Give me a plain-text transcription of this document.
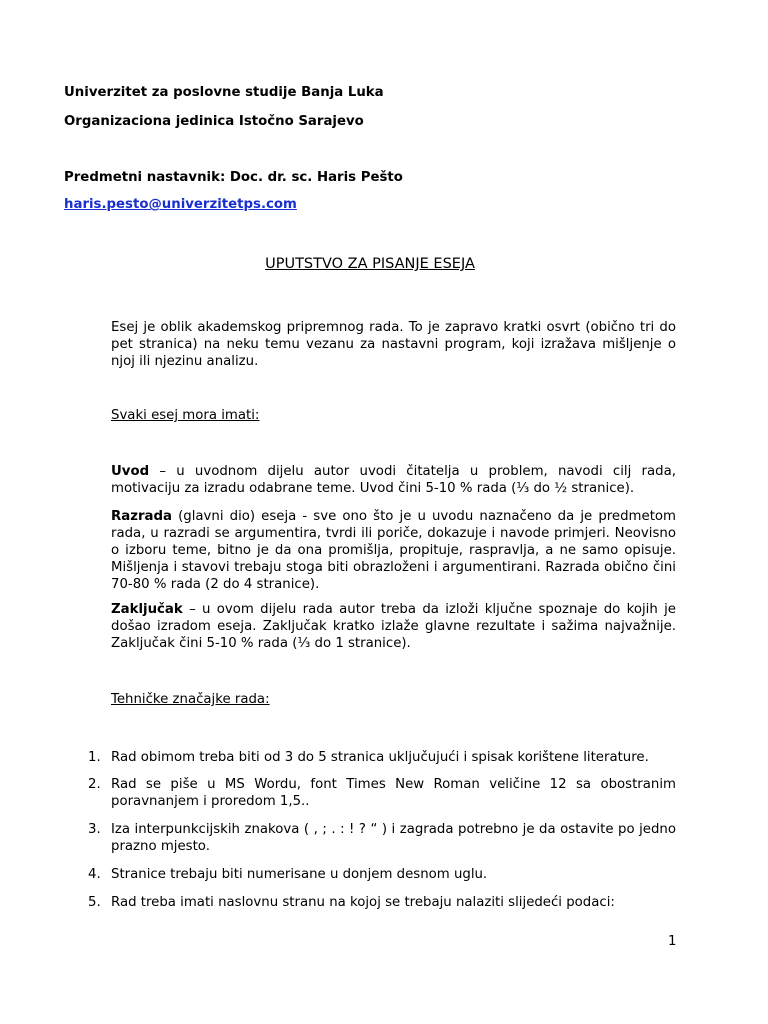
Univerzitet za poslovne studije Banja Luka
Organizaciona jedinica Istočno Sarajevo
Predmetni nastavnik: Doc. dr. sc. Haris Pešto
haris.pesto@univerzitetps.com
UPUTSTVO ZA PISANJE ESEJA
Esej je oblik akademskog pripremnog rada. To je zapravo kratki osvrt (obično tri do pet stranica) na neku temu vezanu za nastavni program, koji izražava mišljenje o njoj ili njezinu analizu.
Svaki esej mora imati:
Uvod – u uvodnom dijelu autor uvodi čitatelja u problem, navodi cilj rada, motivaciju za izradu odabrane teme. Uvod čini 5-10 % rada (⅓ do ½ stranice).
Razrada (glavni dio) eseja - sve ono što je u uvodu naznačeno da je predmetom rada, u razradi se argumentira, tvrdi ili poriče, dokazuje i navode primjeri. Neovisno o izboru teme, bitno je da ona promišlja, propituje, raspravlja, a ne samo opisuje. Mišljenja i stavovi trebaju stoga biti obrazloženi i argumentirani. Razrada obično čini 70-80 % rada (2 do 4 stranice).
Zaključak – u ovom dijelu rada autor treba da izloži ključne spoznaje do kojih je došao izradom eseja. Zaključak kratko izlaže glavne rezultate i sažima najvažnije. Zaključak čini 5-10 % rada (⅓ do 1 stranice).
Tehničke značajke rada:
1. Rad obimom treba biti od 3 do 5 stranica uključujući i spisak korištene literature.
2. Rad se piše u MS Wordu, font Times New Roman veličine 12 sa obostranim poravnanjem i proredom 1,5..
3. Iza interpunkcijskih znakova ( , ; . : ! ? “ ) i zagrada potrebno je da ostavite po jedno prazno mjesto.
4. Stranice trebaju biti numerisane u donjem desnom uglu.
5. Rad treba imati naslovnu stranu na kojoj se trebaju nalaziti slijedeći podaci:
1
